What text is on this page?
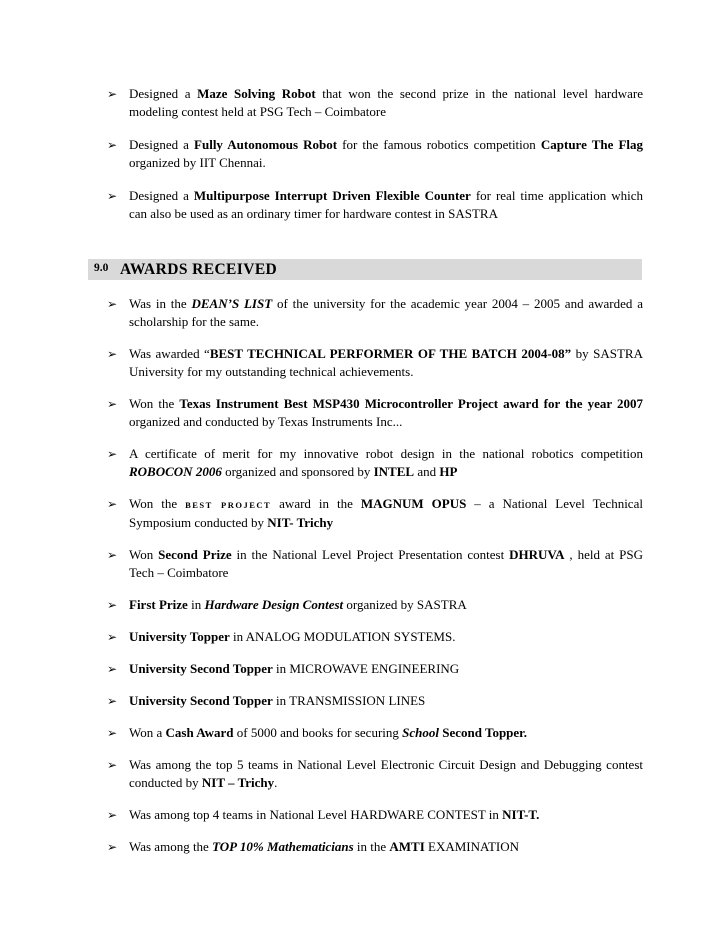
➢ Designed a Maze Solving Robot that won the second prize in the national level hardware modeling contest held at PSG Tech – Coimbatore
➢ Designed a Fully Autonomous Robot for the famous robotics competition Capture The Flag organized by IIT Chennai.
➢ Designed a Multipurpose Interrupt Driven Flexible Counter for real time application which can also be used as an ordinary timer for hardware contest in SASTRA
9.0 AWARDS RECEIVED
➢ Was in the DEAN’S LIST of the university for the academic year 2004 – 2005 and awarded a scholarship for the same.
➢ Was awarded “BEST TECHNICAL PERFORMER OF THE BATCH 2004-08” by SASTRA University for my outstanding technical achievements.
➢ Won the Texas Instrument Best MSP430 Microcontroller Project award for the year 2007 organized and conducted by Texas Instruments Inc...
➢ A certificate of merit for my innovative robot design in the national robotics competition ROBOCON 2006 organized and sponsored by INTEL and HP
➢ Won the BEST PROJECT award in the MAGNUM OPUS – a National Level Technical Symposium conducted by NIT- Trichy
➢ Won Second Prize in the National Level Project Presentation contest DHRUVA , held at PSG Tech – Coimbatore
➢ First Prize in Hardware Design Contest organized by SASTRA
➢ University Topper in ANALOG MODULATION SYSTEMS.
➢ University Second Topper in MICROWAVE ENGINEERING
➢ University Second Topper in TRANSMISSION LINES
➢ Won a Cash Award of 5000 and books for securing School Second Topper.
➢ Was among the top 5 teams in National Level Electronic Circuit Design and Debugging contest conducted by NIT – Trichy.
➢ Was among top 4 teams in National Level HARDWARE CONTEST in NIT-T.
➢ Was among the TOP 10% Mathematicians in the AMTI EXAMINATION
